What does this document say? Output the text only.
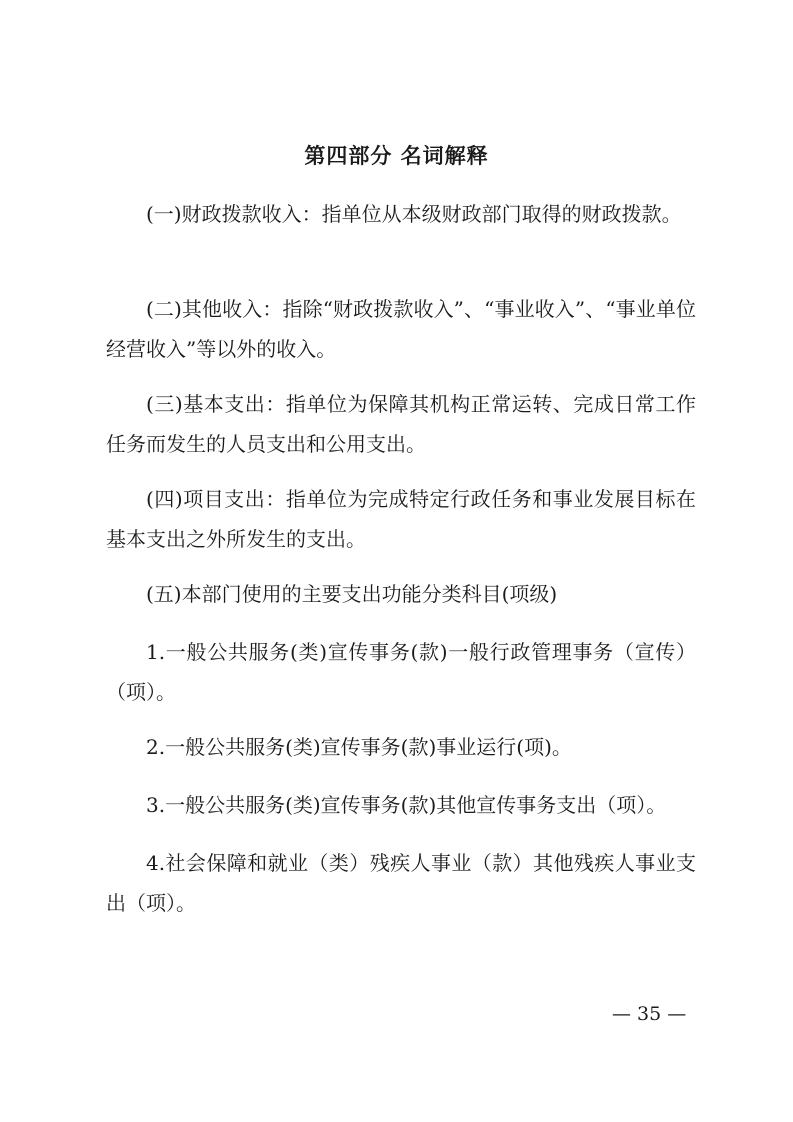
第四部分 名词解释
(一)财政拨款收入：指单位从本级财政部门取得的财政拨款。
(二)其他收入：指除“财政拨款收入”、“事业收入”、“事业单位经营收入”等以外的收入。
(三)基本支出：指单位为保障其机构正常运转、完成日常工作任务而发生的人员支出和公用支出。
(四)项目支出：指单位为完成特定行政任务和事业发展目标在基本支出之外所发生的支出。
(五)本部门使用的主要支出功能分类科目(项级)
1.一般公共服务(类)宣传事务(款)一般行政管理事务（宣传）（项）。
2.一般公共服务(类)宣传事务(款)事业运行(项)。
3.一般公共服务(类)宣传事务(款)其他宣传事务支出（项）。
4.社会保障和就业（类）残疾人事业（款）其他残疾人事业支出（项）。
— 35 —
